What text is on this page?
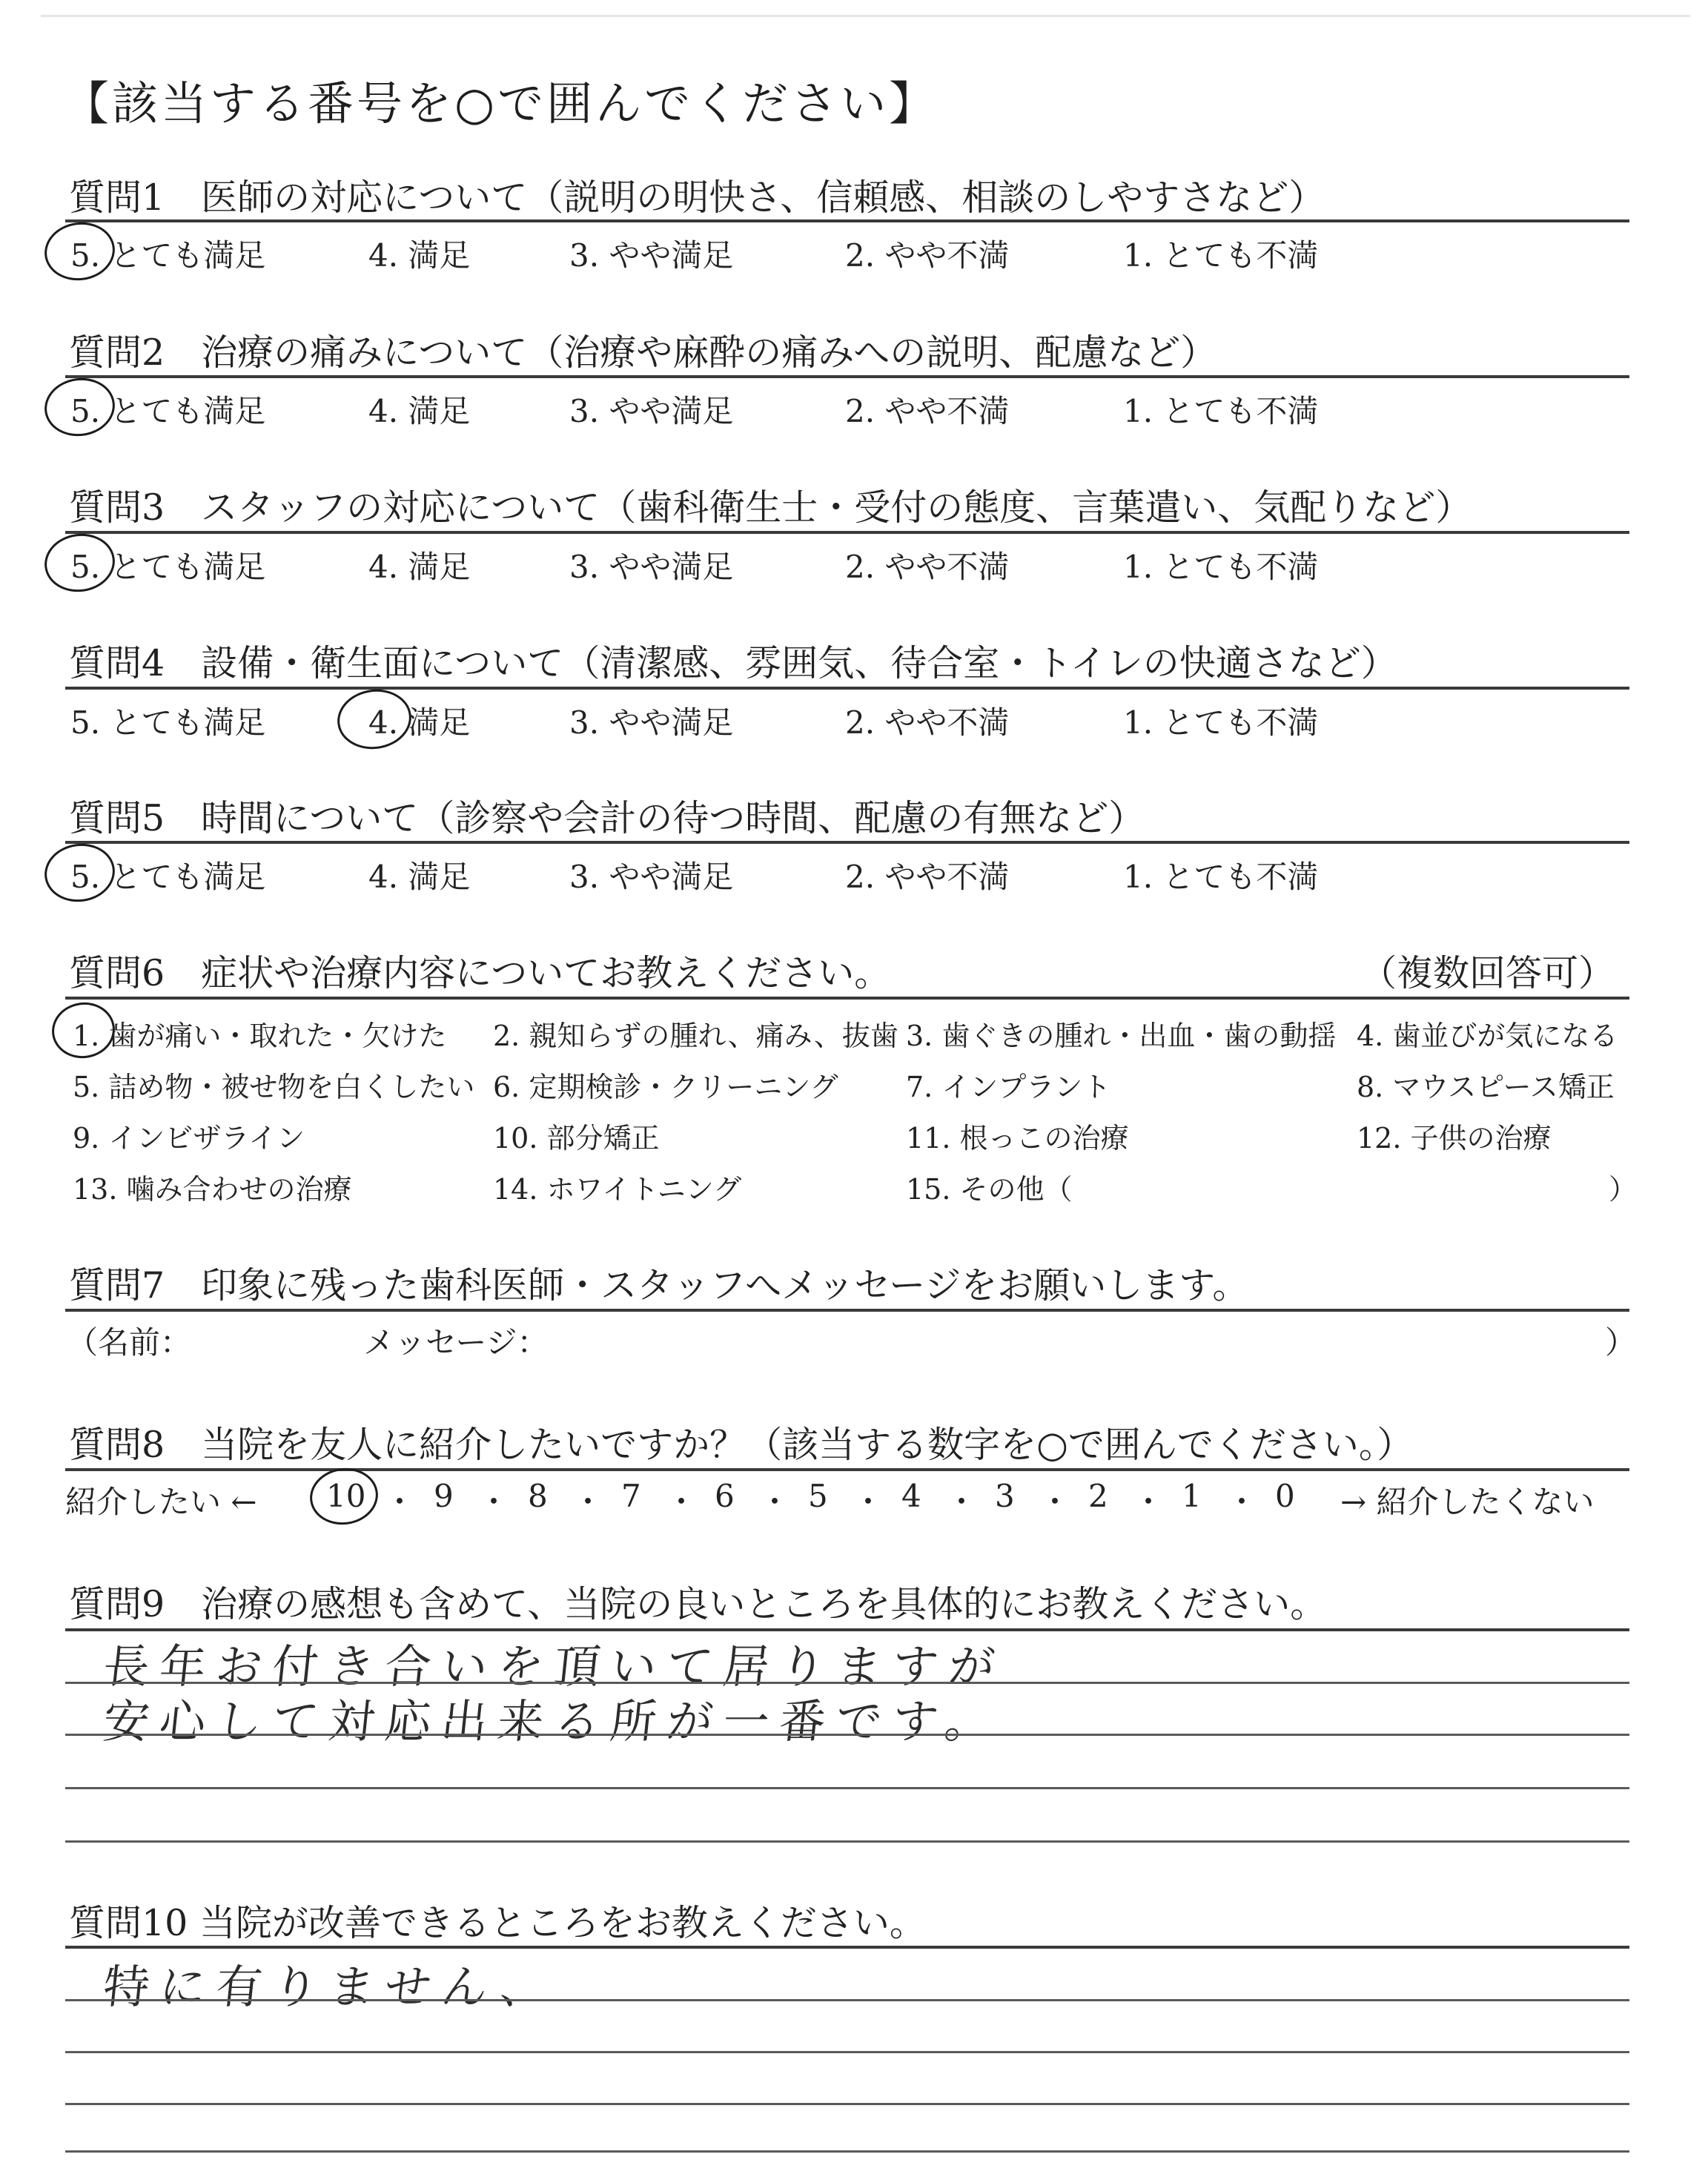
【該当する番号を○で囲んでください】
質問1　医師の対応について（説明の明快さ、信頼感、相談のしやすさなど）
5. とても満足	4. 満足	3. やや満足	2. やや不満	1. とても不満
質問2　治療の痛みについて（治療や麻酔の痛みへの説明、配慮など）
5. とても満足	4. 満足	3. やや満足	2. やや不満	1. とても不満
質問3　スタッフの対応について（歯科衛生士・受付の態度、言葉遣い、気配りなど）
5. とても満足	4. 満足	3. やや満足	2. やや不満	1. とても不満
質問4　設備・衛生面について（清潔感、雰囲気、待合室・トイレの快適さなど）
5. とても満足	4. 満足	3. やや満足	2. やや不満	1. とても不満
質問5　時間について（診察や会計の待つ時間、配慮の有無など）
5. とても満足	4. 満足	3. やや満足	2. やや不満	1. とても不満
質問6　症状や治療内容についてお教えください。	（複数回答可）
1. 歯が痛い・取れた・欠けた 2. 親知らずの腫れ、痛み、抜歯 3. 歯ぐきの腫れ・出血・歯の動揺 4. 歯並びが気になる
5. 詰め物・被せ物を白くしたい 6. 定期検診・クリーニング 7. インプラント	8. マウスピース矯正
9. インビザライン	10. 部分矯正	11. 根っこの治療	12. 子供の治療
13. 噛み合わせの治療	14. ホワイトニング	15. その他（	）
質問7　印象に残った歯科医師・スタッフへメッセージをお願いします。
（名前：	メッセージ：	）
質問8　当院を友人に紹介したいですか？（該当する数字を○で囲んでください。）
紹介したい ←	→ 紹介したくない
10 ・ 9 ・ 8 ・ 7 ・ 6 ・ 5 ・ 4 ・ 3 ・ 2 ・ 1 ・ 0
質問9　治療の感想も含めて、当院の良いところを具体的にお教えください。
長年お付き合いを頂いて居りますが
安心して対応出来る所が一番です。
質問10 当院が改善できるところをお教えください。
特に有りません、
